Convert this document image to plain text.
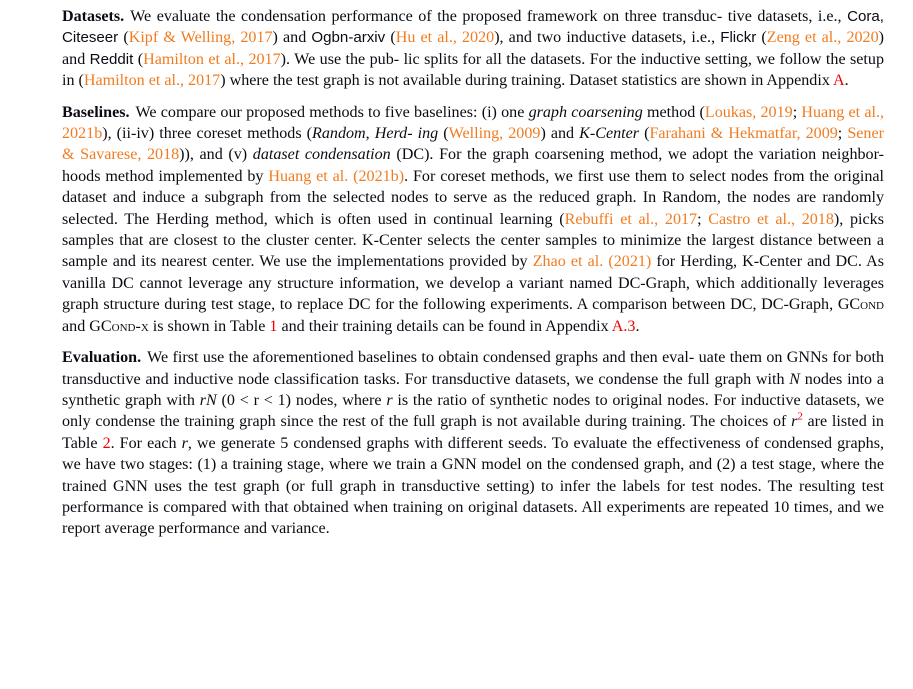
Datasets. We evaluate the condensation performance of the proposed framework on three transduc- tive datasets, i.e., Cora, Citeseer (Kipf & Welling, 2017) and Ogbn-arxiv (Hu et al., 2020), and two inductive datasets, i.e., Flickr (Zeng et al., 2020) and Reddit (Hamilton et al., 2017). We use the pub- lic splits for all the datasets. For the inductive setting, we follow the setup in (Hamilton et al., 2017) where the test graph is not available during training. Dataset statistics are shown in Appendix A.

Baselines. We compare our proposed methods to five baselines: (i) one graph coarsening method (Loukas, 2019; Huang et al., 2021b), (ii-iv) three coreset methods (Random, Herd- ing (Welling, 2009) and K-Center (Farahani & Hekmatfar, 2009; Sener & Savarese, 2018)), and (v) dataset condensation (DC). For the graph coarsening method, we adopt the variation neighbor- hoods method implemented by Huang et al. (2021b). For coreset methods, we first use them to select nodes from the original dataset and induce a subgraph from the selected nodes to serve as the reduced graph. In Random, the nodes are randomly selected. The Herding method, which is often used in continual learning (Rebuffi et al., 2017; Castro et al., 2018), picks samples that are closest to the cluster center. K-Center selects the center samples to minimize the largest distance between a sample and its nearest center. We use the implementations provided by Zhao et al. (2021) for Herding, K-Center and DC. As vanilla DC cannot leverage any structure information, we develop a variant named DC-Graph, which additionally leverages graph structure during test stage, to replace DC for the following experiments. A comparison between DC, DC-Graph, GCond and GCond-x is shown in Table 1 and their training details can be found in Appendix A.3.

Evaluation. We first use the aforementioned baselines to obtain condensed graphs and then eval- uate them on GNNs for both transductive and inductive node classification tasks. For transductive datasets, we condense the full graph with N nodes into a synthetic graph with rN (0 < r < 1) nodes, where r is the ratio of synthetic nodes to original nodes. For inductive datasets, we only condense the training graph since the rest of the full graph is not available during training. The choices of r$^2$ are listed in Table 2. For each r, we generate 5 condensed graphs with different seeds. To evaluate the effectiveness of condensed graphs, we have two stages: (1) a training stage, where we train a GNN model on the condensed graph, and (2) a test stage, where the trained GNN uses the test graph (or full graph in transductive setting) to infer the labels for test nodes. The resulting test performance is compared with that obtained when training on original datasets. All experiments are repeated 10 times, and we report average performance and variance.
